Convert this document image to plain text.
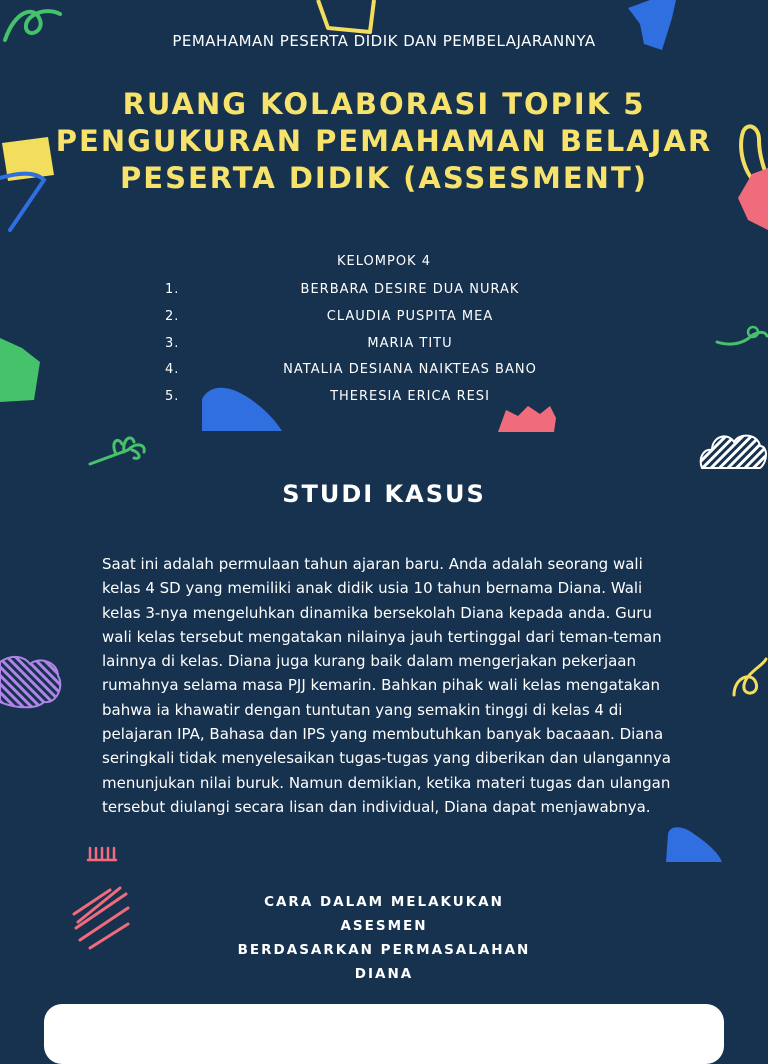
PEMAHAMAN PESERTA DIDIK DAN PEMBELAJARANNYA
RUANG KOLABORASI TOPIK 5
PENGUKURAN PEMAHAMAN BELAJAR
PESERTA DIDIK (ASSESMENT)
KELOMPOK 4
1.	BERBARA DESIRE DUA NURAK
2.	CLAUDIA PUSPITA MEA
3.	MARIA TITU
4.	NATALIA DESIANA NAIKTEAS BANO
5.	THERESIA ERICA RESI
STUDI KASUS
Saat ini adalah permulaan tahun ajaran baru. Anda adalah seorang wali
kelas 4 SD yang memiliki anak didik usia 10 tahun bernama Diana. Wali
kelas 3-nya mengeluhkan dinamika bersekolah Diana kepada anda. Guru
wali kelas tersebut mengatakan nilainya jauh tertinggal dari teman-teman
lainnya di kelas. Diana juga kurang baik dalam mengerjakan pekerjaan
rumahnya selama masa PJJ kemarin. Bahkan pihak wali kelas mengatakan
bahwa ia khawatir dengan tuntutan yang semakin tinggi di kelas 4 di
pelajaran IPA, Bahasa dan IPS yang membutuhkan banyak bacaaan. Diana
seringkali tidak menyelesaikan tugas-tugas yang diberikan dan ulangannya
menunjukan nilai buruk. Namun demikian, ketika materi tugas dan ulangan
tersebut diulangi secara lisan dan individual, Diana dapat menjawabnya.
CARA DALAM MELAKUKAN
ASESMEN
BERDASARKAN PERMASALAHAN
DIANA
